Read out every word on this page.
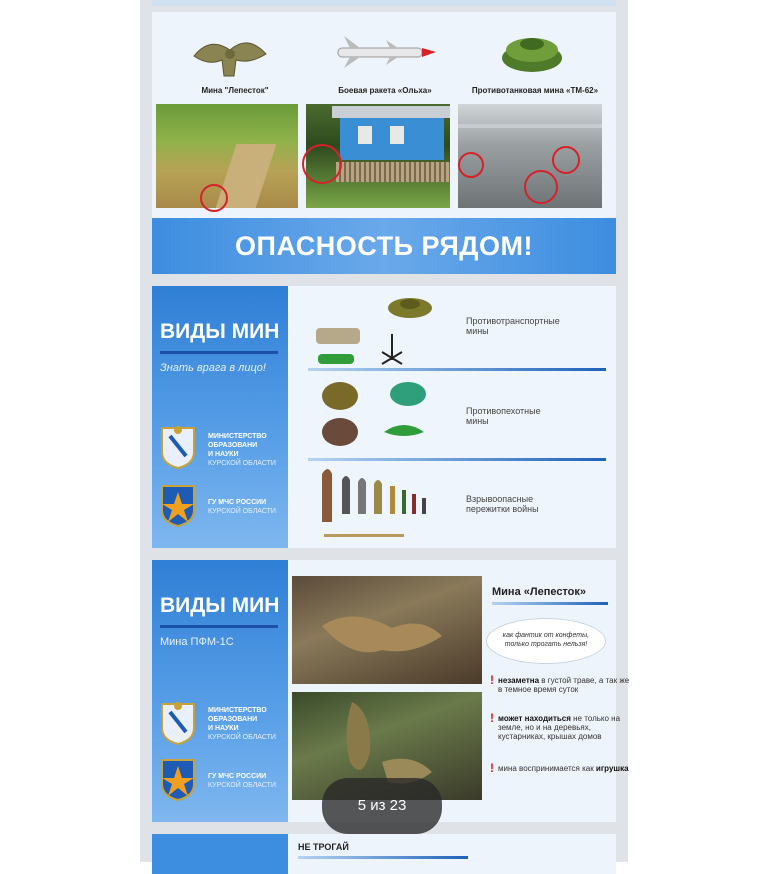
Мина "Лепесток"	Боевая ракета «Ольха»	Противотанковая мина «ТМ-62»
ОПАСНОСТЬ РЯДОМ!
ВИДЫ МИН
Знать врага в лицо!
МИНИСТЕРСТВО
ОБРАЗОВАНИ
И НАУКИ
КУРСКОЙ ОБЛАСТИ
ГУ МЧС РОССИИ
КУРСКОЙ ОБЛАСТИ
Противотранспортные
мины
Противопехотные
мины
Взрывоопасные
пережитки войны
ВИДЫ МИН
Мина ПФМ-1С
МИНИСТЕРСТВО
ОБРАЗОВАНИ
И НАУКИ
КУРСКОЙ ОБЛАСТИ
ГУ МЧС РОССИИ
КУРСКОЙ ОБЛАСТИ
Мина «Лепесток»
как фантик от конфеты,
только трогать нельзя!
! незаметна в густой траве, а так же в темное время суток
! может находиться не только на земле, но и на деревьях, кустарниках, крышах домов
! мина воспринимается как игрушка
НЕ ТРОГАЙ
5 из 23
